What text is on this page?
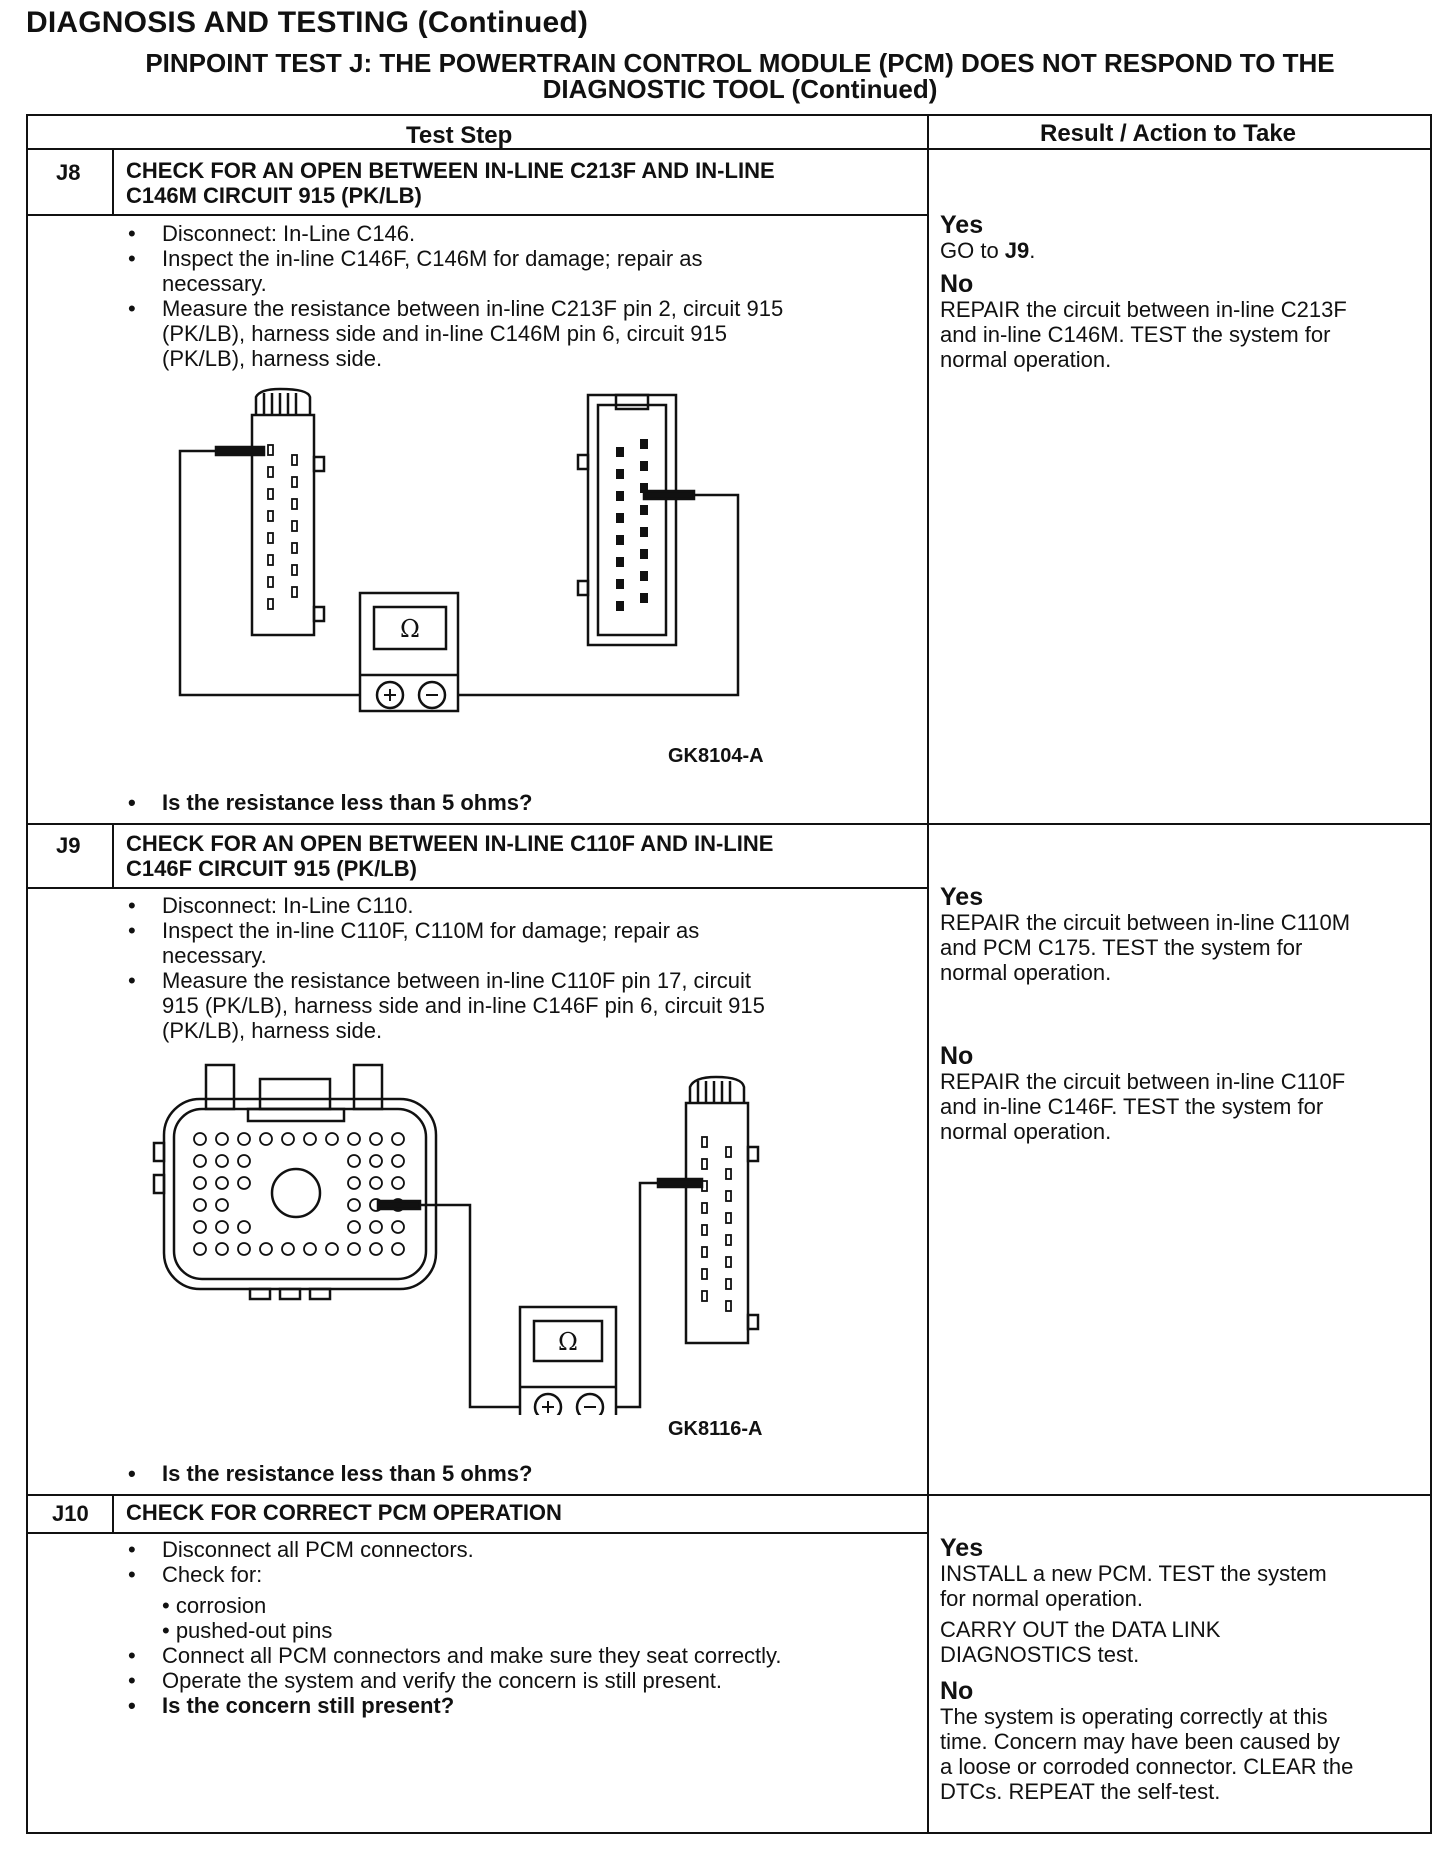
DIAGNOSIS AND TESTING (Continued)
PINPOINT TEST J: THE POWERTRAIN CONTROL MODULE (PCM) DOES NOT RESPOND TO THE
DIAGNOSTIC TOOL (Continued)
Test Step	Result / Action to Take
J8 CHECK FOR AN OPEN BETWEEN IN-LINE C213F AND IN-LINE
C146M CIRCUIT 915 (PK/LB)
• Disconnect: In-Line C146.
• Inspect the in-line C146F, C146M for damage; repair as
necessary.
• Measure the resistance between in-line C213F pin 2, circuit 915
(PK/LB), harness side and in-line C146M pin 6, circuit 915
(PK/LB), harness side.
Ω
GK8104-A
• Is the resistance less than 5 ohms?
Yes
GO to J9.
No
REPAIR the circuit between in-line C213F
and in-line C146M. TEST the system for
normal operation.
J9 CHECK FOR AN OPEN BETWEEN IN-LINE C110F AND IN-LINE
C146F CIRCUIT 915 (PK/LB)
• Disconnect: In-Line C110.
• Inspect the in-line C110F, C110M for damage; repair as
necessary.
• Measure the resistance between in-line C110F pin 17, circuit
915 (PK/LB), harness side and in-line C146F pin 6, circuit 915
(PK/LB), harness side.
Ω
GK8116-A
• Is the resistance less than 5 ohms?
Yes
REPAIR the circuit between in-line C110M
and PCM C175. TEST the system for
normal operation.
No
REPAIR the circuit between in-line C110F
and in-line C146F. TEST the system for
normal operation.
J10 CHECK FOR CORRECT PCM OPERATION
• Disconnect all PCM connectors.
• Check for:
• corrosion
• pushed-out pins
• Connect all PCM connectors and make sure they seat correctly.
• Operate the system and verify the concern is still present.
• Is the concern still present?
Yes
INSTALL a new PCM. TEST the system
for normal operation.
CARRY OUT the DATA LINK
DIAGNOSTICS test.
No
The system is operating correctly at this
time. Concern may have been caused by
a loose or corroded connector. CLEAR the
DTCs. REPEAT the self-test.
